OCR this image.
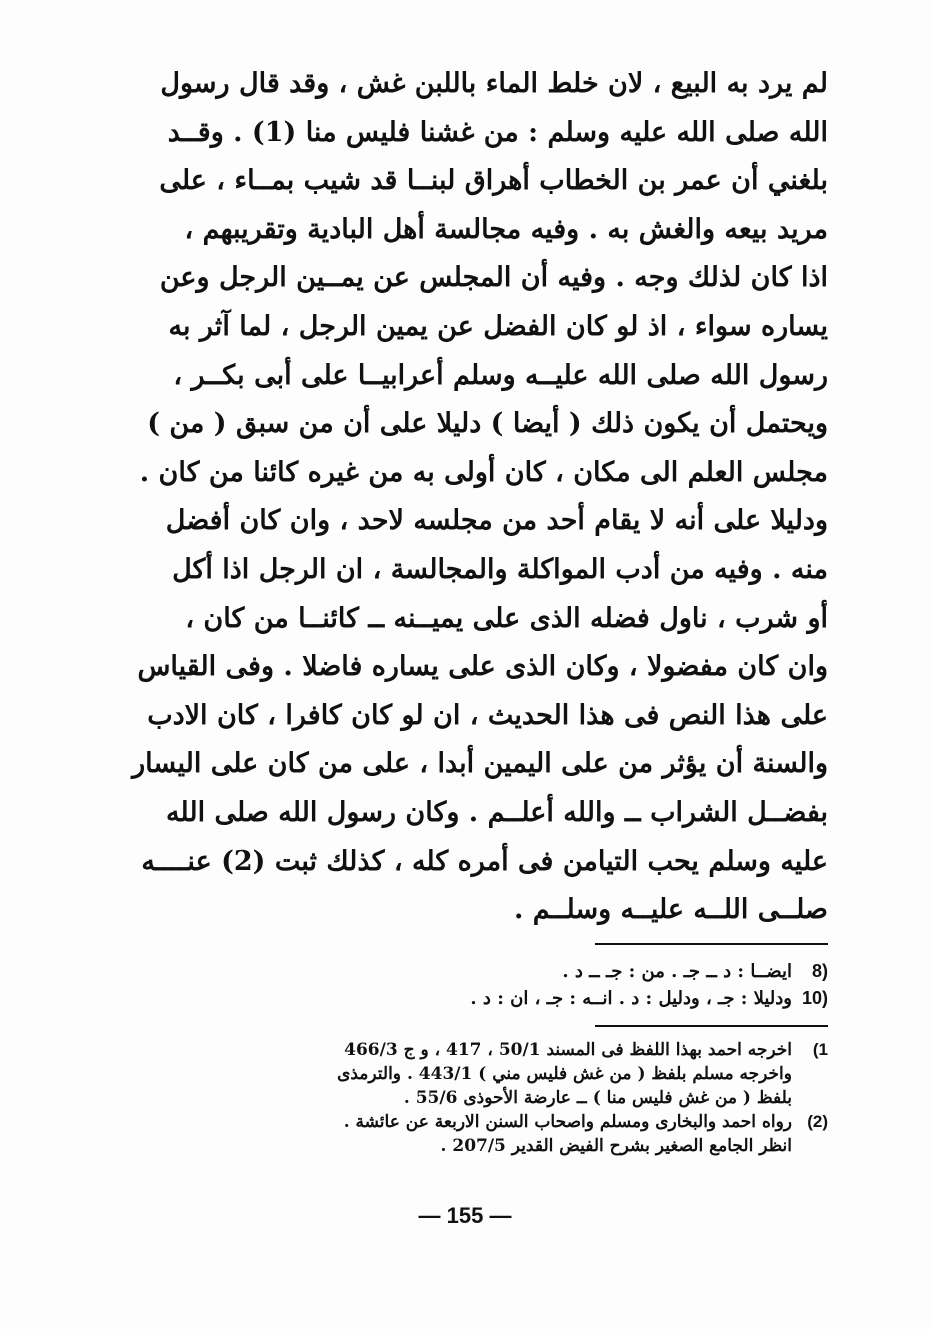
لم يرد به البيع ، لان خلط الماء باللبن غش ، وقد قال رسول
الله صلى الله عليه وسلم : من غشنا فليس منا (1) . وقــد
بلغني أن عمر بن الخطاب أهراق لبنــا قد شيب بمــاء ، على
مريد بيعه والغش به . وفيه مجالسة أهل البادية وتقريبهم ،
اذا كان لذلك وجه . وفيه أن المجلس عن يمــين الرجل وعن
يساره سواء ، اذ لو كان الفضل عن يمين الرجل ، لما آثر به
رسول الله صلى الله عليــه وسلم أعرابيــا على أبى بكــر ،
ويحتمل أن يكون ذلك ( أيضا ) دليلا على أن من سبق ( من )
مجلس العلم الى مكان ، كان أولى به من غيره كائنا من كان .
ودليلا على أنه لا يقام أحد من مجلسه لاحد ، وان كان أفضل
منه . وفيه من أدب المواكلة والمجالسة ، ان الرجل اذا أكل
أو شرب ، ناول فضله الذى على يميــنه ــ كائنــا من كان ،
وان كان مفضولا ، وكان الذى على يساره فاضلا . وفى القياس
على هذا النص فى هذا الحديث ، ان لو كان كافرا ، كان الادب
والسنة أن يؤثر من على اليمين أبدا ، على من كان على اليسار
بفضــل الشراب ــ والله أعلــم . وكان رسول الله صلى الله
عليه وسلم يحب التيامن فى أمره كله ، كذلك ثبت (2) عنــــه
صلــى اللــه عليــه وسلــم .
8)
ايضــا : د ــ جـ . من : جـ ــ د .
10)
ودليلا : جـ ، ودليل : د . انــه : جـ ، ان : د .
(1
اخرجه احمد بهذا اللفظ فى المسند 50/1 ، 417 ، و ج 466/3
واخرجه مسلم بلفظ ( من غش فليس مني ) 443/1 . والترمذى
بلفظ ( من غش فليس منا ) ــ عارضة الأحوذى 55/6 .
(2)
رواه احمد والبخارى ومسلم واصحاب السنن الاربعة عن عائشة .
انظر الجامع الصغير بشرح الفيض القدير 207/5 .
— 155 —
